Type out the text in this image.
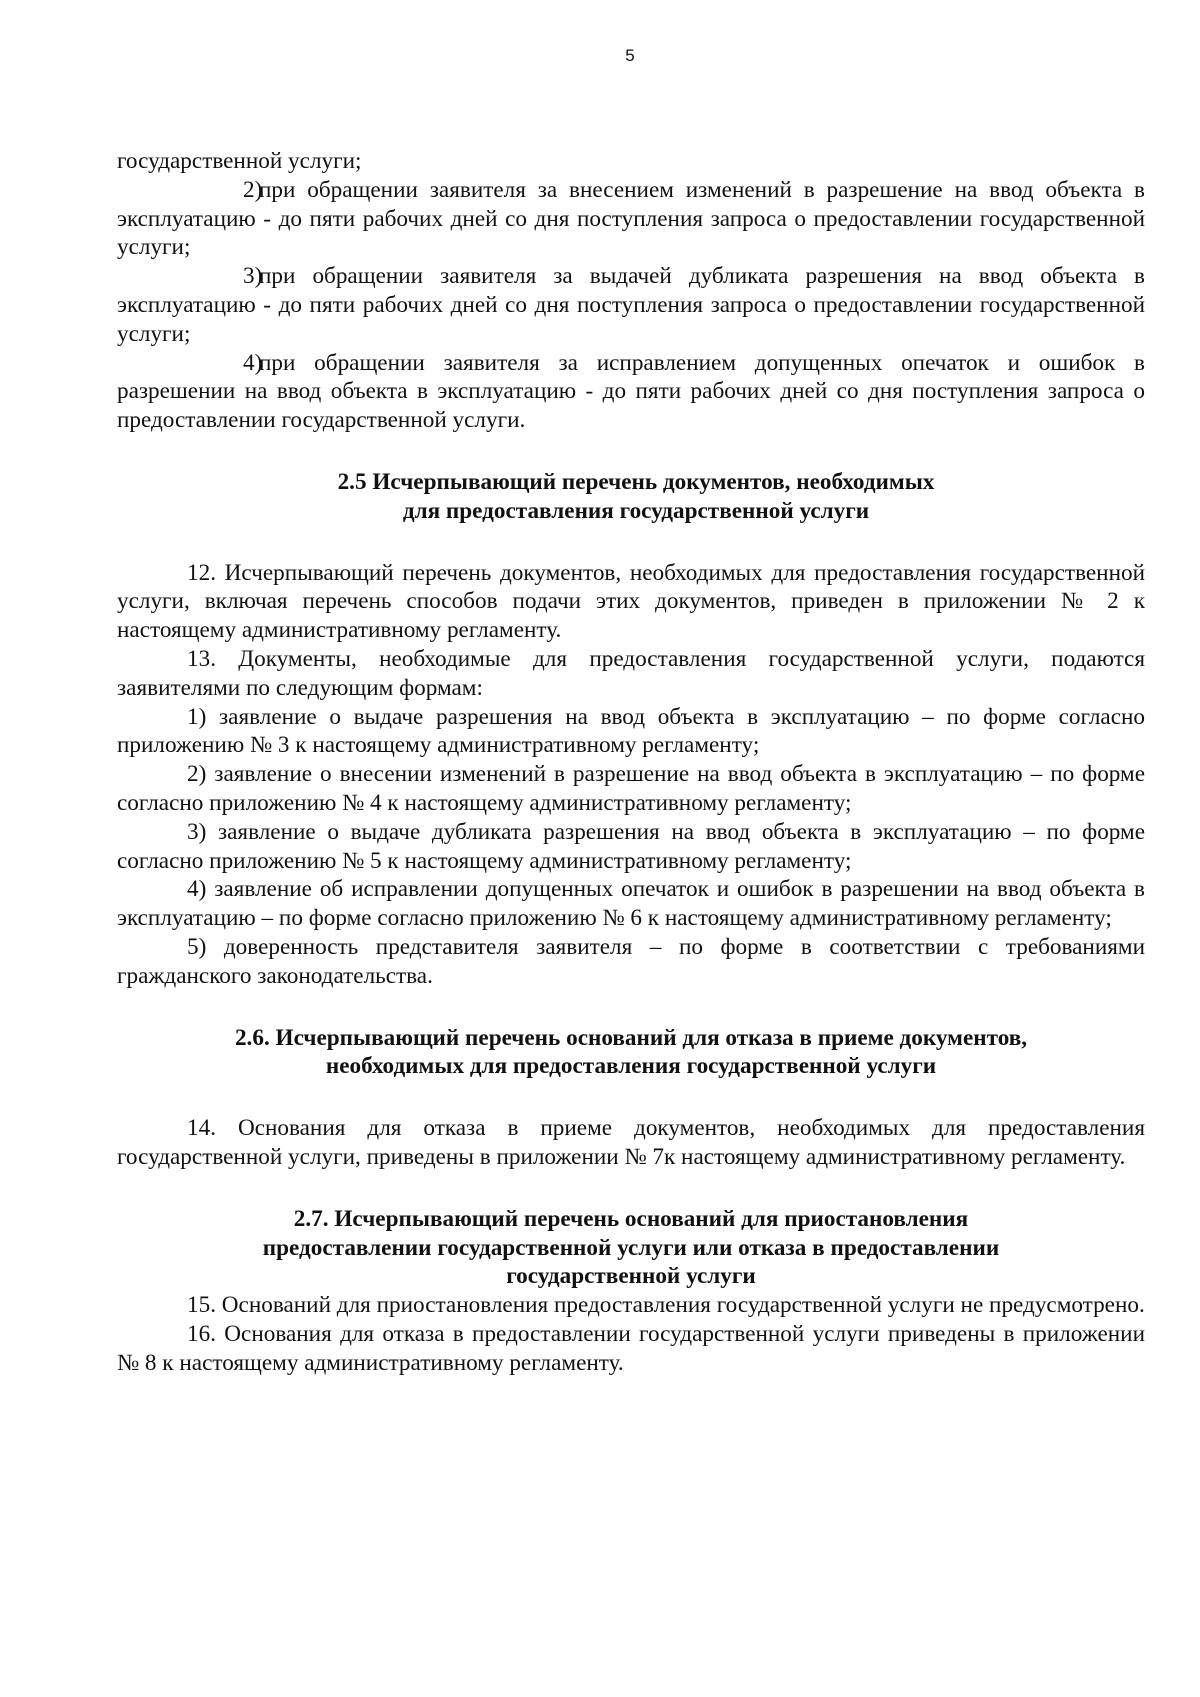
5

государственной услуги;

2)

при обращении заявителя за внесением изменений в разрешение на ввод объекта в эксплуатацию - до пяти рабочих дней со дня поступления запроса о предоставлении государственной услуги;

3)

при обращении заявителя за выдачей дубликата разрешения на ввод объекта в эксплуатацию - до пяти рабочих дней со дня поступления запроса о предоставлении государственной услуги;

4)

при обращении заявителя за исправлением допущенных опечаток и ошибок в разрешении на ввод объекта в эксплуатацию - до пяти рабочих дней со дня поступления запроса о предоставлении государственной услуги.

2.5 Исчерпывающий перечень документов, необходимых
для предоставления государственной услуги

12. Исчерпывающий перечень документов, необходимых для предоставления государственной услуги, включая перечень способов подачи этих документов, приведен в приложении № 2 к настоящему административному регламенту.

13. Документы, необходимые для предоставления государственной услуги, подаются заявителями по следующим формам:

1) заявление о выдаче разрешения на ввод объекта в эксплуатацию – по форме согласно приложению № 3 к настоящему административному регламенту;

2) заявление о внесении изменений в разрешение на ввод объекта в эксплуатацию – по форме согласно приложению № 4 к настоящему административному регламенту;

3) заявление о выдаче дубликата разрешения на ввод объекта в эксплуатацию – по форме согласно приложению № 5 к настоящему административному регламенту;

4) заявление об исправлении допущенных опечаток и ошибок в разрешении на ввод объекта в эксплуатацию – по форме согласно приложению № 6 к настоящему административному регламенту;

5) доверенность представителя заявителя – по форме в соответствии с требованиями гражданского законодательства.

2.6. Исчерпывающий перечень оснований для отказа в приеме документов,
необходимых для предоставления государственной услуги

14. Основания для отказа в приеме документов, необходимых для предоставления государственной услуги, приведены в приложении № 7к настоящему административному регламенту.

2.7. Исчерпывающий перечень оснований для приостановления
предоставлении государственной услуги или отказа в предоставлении
государственной услуги

15. Оснований для приостановления предоставления государственной услуги не предусмотрено.

16. Основания для отказа в предоставлении государственной услуги приведены в приложении № 8 к настоящему административному регламенту.
